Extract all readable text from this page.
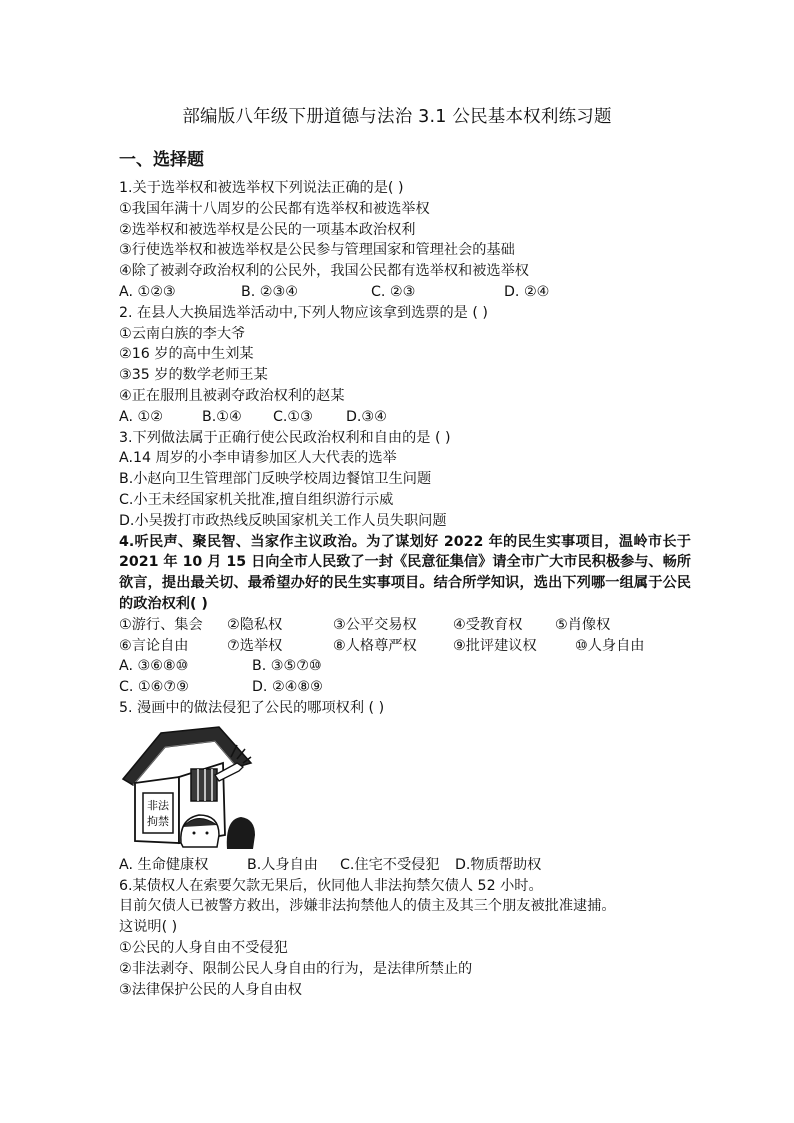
部编版八年级下册道德与法治 3.1 公民基本权利练习题
一、选择题
1.关于选举权和被选举权下列说法正确的是( )
①我国年满十八周岁的公民都有选举权和被选举权
②选举权和被选举权是公民的一项基本政治权利
③行使选举权和被选举权是公民参与管理国家和管理社会的基础
④除了被剥夺政治权利的公民外，我国公民都有选举权和被选举权
A. ①②③	B. ②③④	C. ②③	D. ②④
2. 在县人大换届选举活动中,下列人物应该拿到选票的是 ( )
①云南白族的李大爷
②16 岁的高中生刘某
③35 岁的数学老师王某
④正在服刑且被剥夺政治权利的赵某
A. ①②	B.①④	C.①③	D.③④
3.下列做法属于正确行使公民政治权利和自由的是 ( )
A.14 周岁的小李申请参加区人大代表的选举
B.小赵向卫生管理部门反映学校周边餐馆卫生问题
C.小王未经国家机关批准,擅自组织游行示威
D.小吴拨打市政热线反映国家机关工作人员失职问题
4.听民声、聚民智、当家作主议政治。为了谋划好 2022 年的民生实事项目，温岭市长于 2021 年 10 月 15 日向全市人民致了一封《民意征集信》请全市广大市民积极参与、畅所欲言，提出最关切、最希望办好的民生实事项目。结合所学知识，选出下列哪一组属于公民的政治权利( )
①游行、集会	②隐私权	③公平交易权	④受教育权	⑤肖像权
⑥言论自由	⑦选举权	⑧人格尊严权	⑨批评建议权	⑩人身自由
A. ③⑥⑧⑩	B. ③⑤⑦⑩
C. ①⑥⑦⑨	D. ②④⑧⑨
5. 漫画中的做法侵犯了公民的哪项权利 ( )
非法
拘禁
A. 生命健康权	B.人身自由	C.住宅不受侵犯	D.物质帮助权
6.某债权人在索要欠款无果后，伙同他人非法拘禁欠债人 52 小时。
目前欠债人已被警方救出，涉嫌非法拘禁他人的债主及其三个朋友被批准逮捕。
这说明( )
①公民的人身自由不受侵犯
②非法剥夺、限制公民人身自由的行为，是法律所禁止的
③法律保护公民的人身自由权
